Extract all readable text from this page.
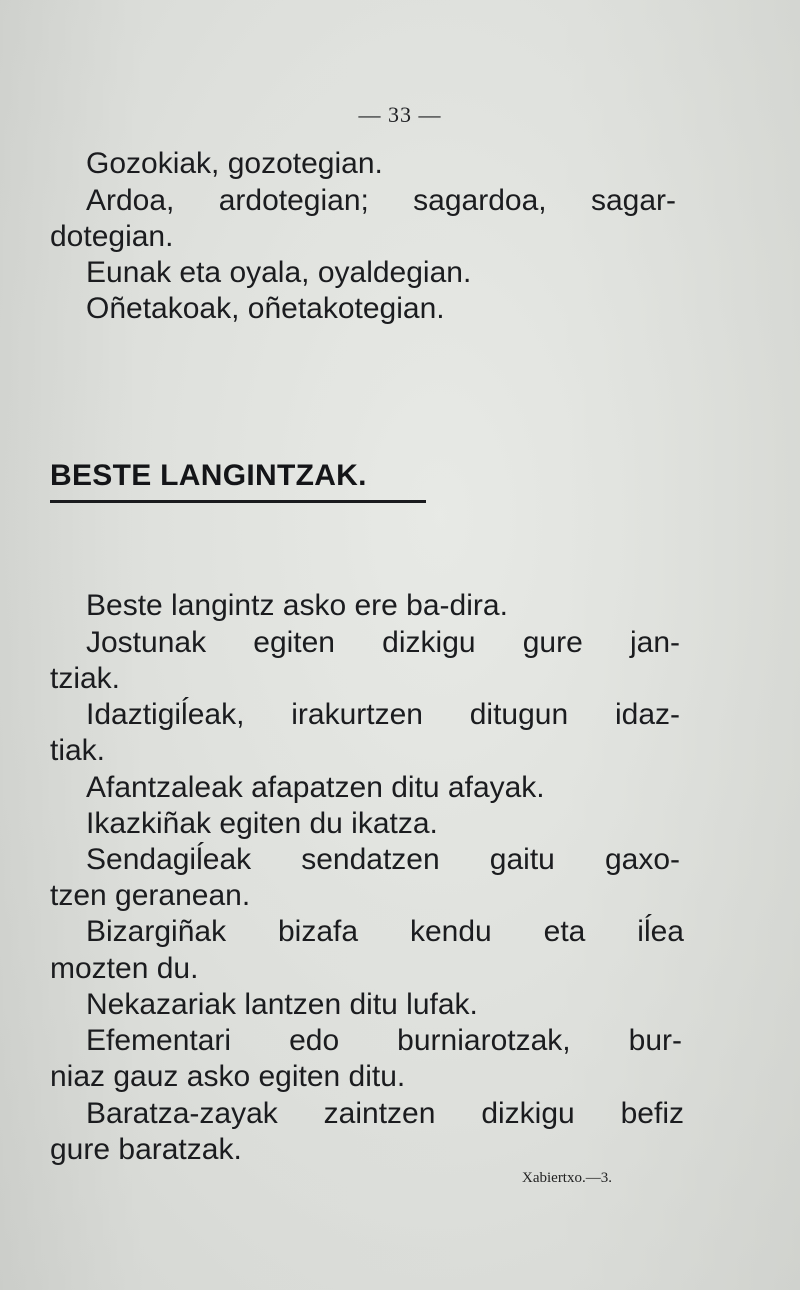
— 33 —
Gozokiak, gozotegian.
Ardoa, ardotegian; sagardoa, sagar-
dotegian.
Eunak eta oyala, oyaldegian.
Oñetakoak, oñetakotegian.
BESTE LANGINTZAK.
Beste langintz asko ere ba-dira.
Jostunak egiten dizkigu gure jan-
tziak.
Idaztigiĺeak, irakurtzen ditugun idaz-
tiak.
Afantzaleak afapatzen ditu afayak.
Ikazkiñak egiten du ikatza.
Sendagiĺeak sendatzen gaitu gaxo-
tzen geranean.
Bizargiñak bizafa kendu eta iĺea
mozten du.
Nekazariak lantzen ditu lufak.
Efementari edo burniarotzak, bur-
niaz gauz asko egiten ditu.
Baratza-zayak zaintzen dizkigu befiz
gure baratzak.
Xabiertxo.—3.
